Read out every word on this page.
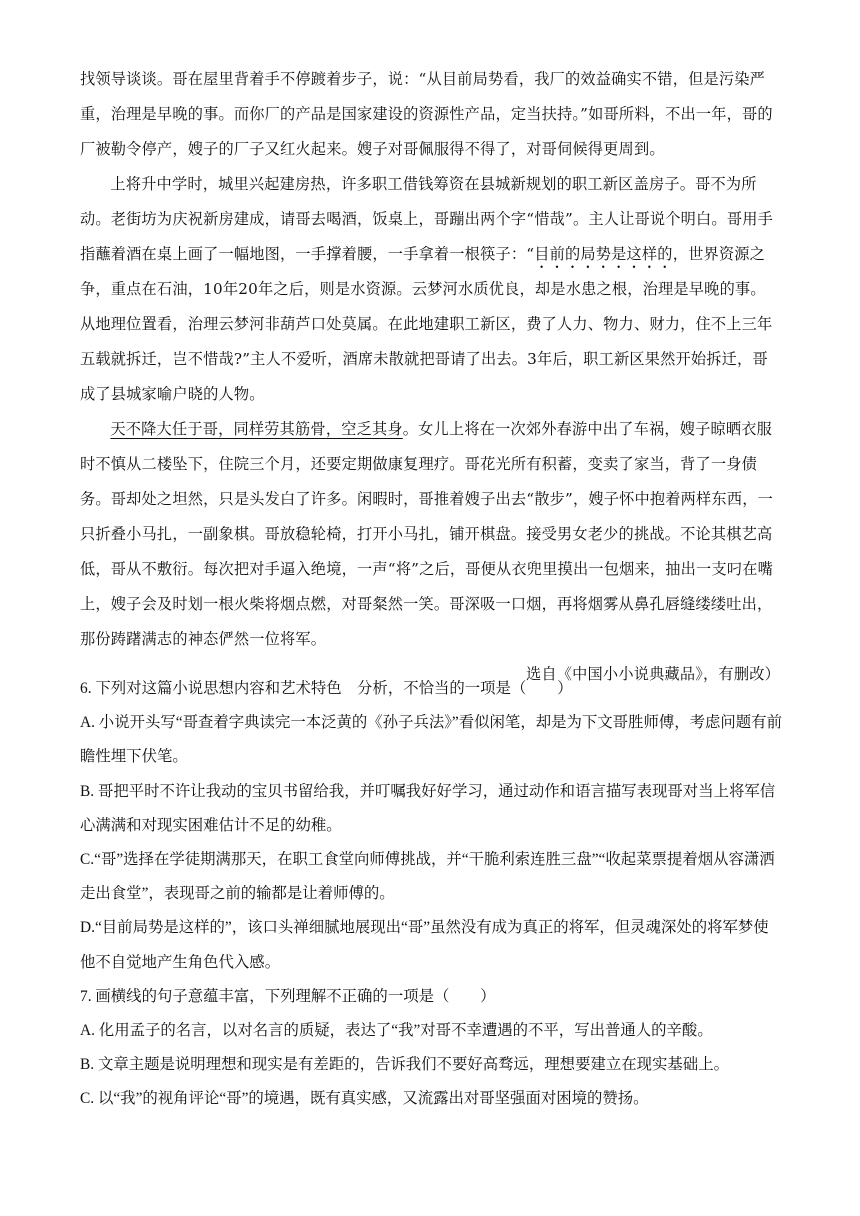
找领导谈谈。哥在屋里背着手不停踱着步子，说：“从目前局势看，我厂的效益确实不错，但是污染严重，治理是早晚的事。而你厂的产品是国家建设的资源性产品，定当扶持。”如哥所料，不出一年，哥的厂被勒令停产，嫂子的厂子又红火起来。嫂子对哥佩服得不得了，对哥伺候得更周到。

上将升中学时，城里兴起建房热，许多职工借钱筹资在县城新规划的职工新区盖房子。哥不为所动。老街坊为庆祝新房建成，请哥去喝酒，饭桌上，哥蹦出两个字“惜哉”。主人让哥说个明白。哥用手指蘸着酒在桌上画了一幅地图，一手撑着腰，一手拿着一根筷子：“目前的局势是这样的，世界资源之争，重点在石油，10年20年之后，则是水资源。云梦河水质优良，却是水患之根，治理是早晚的事。从地理位置看，治理云梦河非葫芦口处莫属。在此地建职工新区，费了人力、物力、财力，住不上三年五载就拆迁，岂不惜哉?”主人不爱听，酒席未散就把哥请了出去。3年后，职工新区果然开始拆迁，哥成了县城家喻户晓的人物。

天不降大任于哥，同样劳其筋骨，空乏其身。女儿上将在一次郊外春游中出了车祸，嫂子晾晒衣服时不慎从二楼坠下，住院三个月，还要定期做康复理疗。哥花光所有积蓄，变卖了家当，背了一身债务。哥却处之坦然，只是头发白了许多。闲暇时，哥推着嫂子出去“散步”，嫂子怀中抱着两样东西，一只折叠小马扎，一副象棋。哥放稳轮椅，打开小马扎，铺开棋盘。接受男女老少的挑战。不论其棋艺高低，哥从不敷衍。每次把对手逼入绝境，一声“将”之后，哥便从衣兜里摸出一包烟来，抽出一支叼在嘴上，嫂子会及时划一根火柴将烟点燃，对哥粲然一笑。哥深吸一口烟，再将烟雾从鼻孔唇缝缕缕吐出，那份踌躇满志的神态俨然一位将军。

选自《中国小小说典藏品》，有删改）

6. 下列对这篇小说思想内容和艺术特色　分析，不恰当的一项是（　　）

A. 小说开头写“哥查着字典读完一本泛黄的《孙子兵法》”看似闲笔，却是为下文哥胜师傅，考虑问题有前瞻性埋下伏笔。

B. 哥把平时不许让我动的宝贝书留给我，并叮嘱我好好学习，通过动作和语言描写表现哥对当上将军信心满满和对现实困难估计不足的幼稚。

C.“哥”选择在学徒期满那天，在职工食堂向师傅挑战，并“干脆利索连胜三盘”“收起菜票提着烟从容潇洒走出食堂”，表现哥之前的输都是让着师傅的。

D.“目前局势是这样的”，该口头禅细腻地展现出“哥”虽然没有成为真正的将军，但灵魂深处的将军梦使他不自觉地产生角色代入感。

7. 画横线的句子意蕴丰富，下列理解不正确的一项是（　　）

A. 化用孟子的名言，以对名言的质疑，表达了“我”对哥不幸遭遇的不平，写出普通人的辛酸。

B. 文章主题是说明理想和现实是有差距的，告诉我们不要好高骛远，理想要建立在现实基础上。

C. 以“我”的视角评论“哥”的境遇，既有真实感，又流露出对哥坚强面对困境的赞扬。
